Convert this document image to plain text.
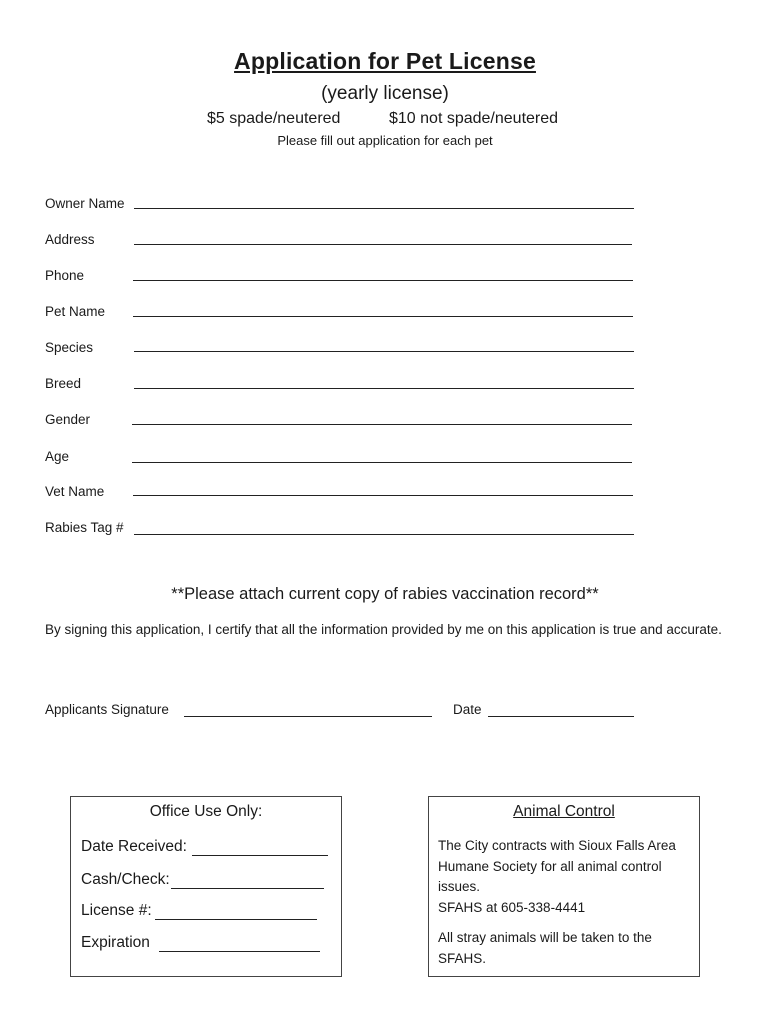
Application for Pet License
(yearly license)
$5 spade/neutered	$10 not spade/neutered
Please fill out application for each pet
Owner Name
Address
Phone
Pet Name
Species
Breed
Gender
Age
Vet Name
Rabies Tag #
**Please attach current copy of rabies vaccination record**
By signing this application, I certify that all the information provided by me on this application is true and accurate.
Applicants Signature	Date
Office Use Only:
Date Received:
Cash/Check:
License #:
Expiration
Animal Control
The City contracts with Sioux Falls Area Humane Society for all animal control issues.
SFAHS at 605-338-4441
All stray animals will be taken to the SFAHS.
